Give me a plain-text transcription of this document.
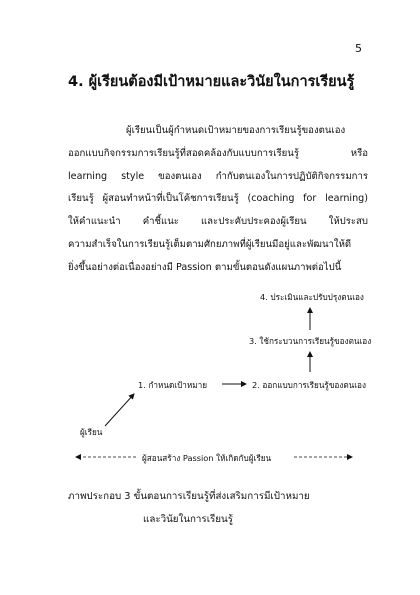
5
4. ผู้เรียนต้องมีเป้าหมายและวินัยในการเรียนรู้
ผู้เรียนเป็นผู้กำหนดเป้าหมายของการเรียนรู้ของตนเอง
ออกแบบกิจกรรมการเรียนรู้ที่สอดคล้องกับแบบการเรียนรู้ หรือ
learning style ของตนเอง กำกับตนเองในการปฏิบัติกิจกรรมการ
เรียนรู้ ผู้สอนทำหน้าที่เป็นโค้ชการเรียนรู้ (coaching for learning)
ให้คำแนะนำ คำชี้แนะ และประคับประคองผู้เรียน ให้ประสบ
ความสำเร็จในการเรียนรู้เต็มตามศักยภาพที่ผู้เรียนมีอยู่และพัฒนาให้ดี
ยิ่งขึ้นอย่างต่อเนื่องอย่างมี Passion ตามขั้นตอนดังแผนภาพต่อไปนี้
4. ประเมินและปรับปรุงตนเอง
3. ใช้กระบวนการเรียนรู้ของตนเอง
1. กำหนดเป้าหมาย	2. ออกแบบการเรียนรู้ของตนเอง
ผู้เรียน
ผู้สอนสร้าง Passion ให้เกิดกับผู้เรียน
ภาพประกอบ 3 ขั้นตอนการเรียนรู้ที่ส่งเสริมการมีเป้าหมาย
และวินัยในการเรียนรู้
